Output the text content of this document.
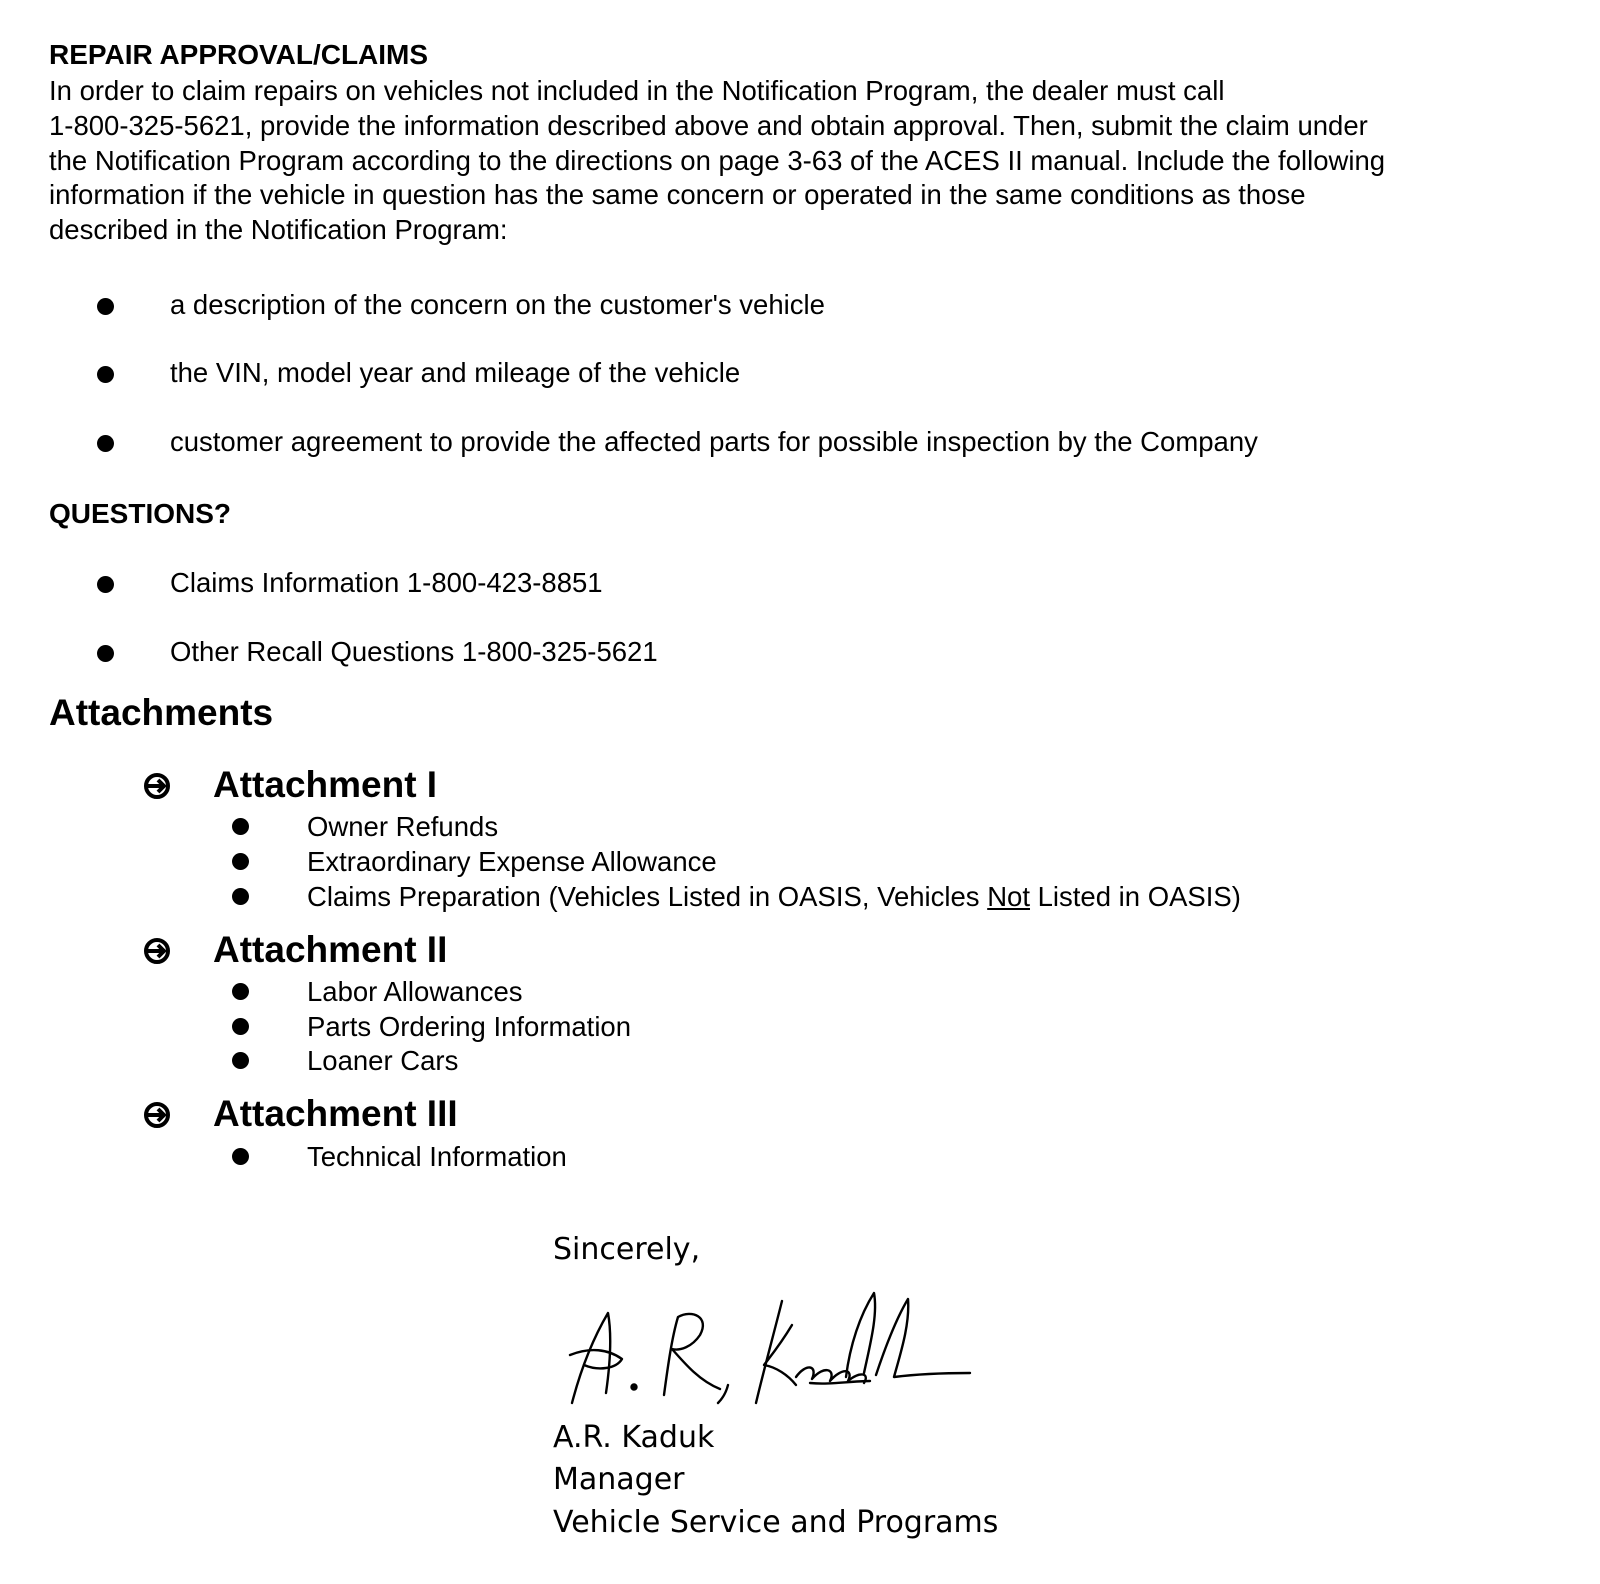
REPAIR APPROVAL/CLAIMS
In order to claim repairs on vehicles not included in the Notification Program, the dealer must call
1-800-325-5621, provide the information described above and obtain approval. Then, submit the claim under
the Notification Program according to the directions on page 3-63 of the ACES II manual. Include the following
information if the vehicle in question has the same concern or operated in the same conditions as those
described in the Notification Program:
a description of the concern on the customer's vehicle
the VIN, model year and mileage of the vehicle
customer agreement to provide the affected parts for possible inspection by the Company
QUESTIONS?
Claims Information 1-800-423-8851
Other Recall Questions 1-800-325-5621
Attachments
Attachment I
Owner Refunds
Extraordinary Expense Allowance
Claims Preparation (Vehicles Listed in OASIS, Vehicles Not Listed in OASIS)
Attachment II
Labor Allowances
Parts Ordering Information
Loaner Cars
Attachment III
Technical Information
Sincerely,
A.R. Kaduk
Manager
Vehicle Service and Programs
